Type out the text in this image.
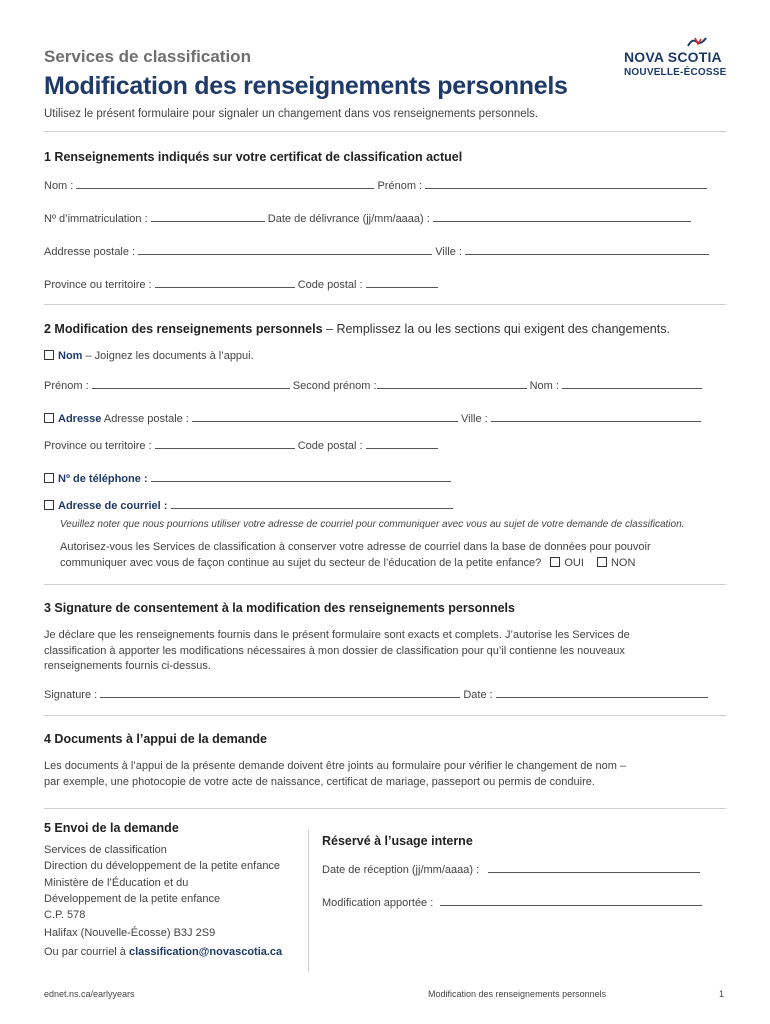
Services de classification
Modification des renseignements personnels
Utilisez le présent formulaire pour signaler un changement dans vos renseignements personnels.
NOVA SCOTIA
NOUVELLE-ÉCOSSE
1 Renseignements indiqués sur votre certificat de classification actuel
Nom :	Prénom :
Nº d’immatriculation :	Date de délivrance (jj/mm/aaaa) :
Addresse postale :	Ville :
Province ou territoire :	Code postal :
2 Modification des renseignements personnels – Remplissez la ou les sections qui exigent des changements.
Nom – Joignez les documents à l’appui.
Prénom :	Second prénom :	Nom :
Adresse Adresse postale :	Ville :
Province ou territoire :	Code postal :
Nº de téléphone :
Adresse de courriel :
Veuillez noter que nous pourrions utiliser votre adresse de courriel pour communiquer avec vous au sujet de votre demande de classification.
Autorisez-vous les Services de classification à conserver votre adresse de courriel dans la base de données pour pouvoir
communiquer avec vous de façon continue au sujet du secteur de l’éducation de la petite enfance? OUI NON
3 Signature de consentement à la modification des renseignements personnels
Je déclare que les renseignements fournis dans le présent formulaire sont exacts et complets. J’autorise les Services de
classification à apporter les modifications nécessaires à mon dossier de classification pour qu’il contienne les nouveaux
renseignements fournis ci-dessus.
Signature :	Date :
4 Documents à l’appui de la demande
Les documents à l’appui de la présente demande doivent être joints au formulaire pour vérifier le changement de nom –
par exemple, une photocopie de votre acte de naissance, certificat de mariage, passeport ou permis de conduire.
5 Envoi de la demande
Services de classification
Direction du développement de la petite enfance
Ministère de l’Éducation et du
Développement de la petite enfance
C.P. 578
Halifax (Nouvelle-Écosse) B3J 2S9
Ou par courriel à classification@novascotia.ca
Réservé à l’usage interne
Date de réception (jj/mm/aaaa) :
Modification apportée :
ednet.ns.ca/earlyyears	Modification des renseignements personnels	1
